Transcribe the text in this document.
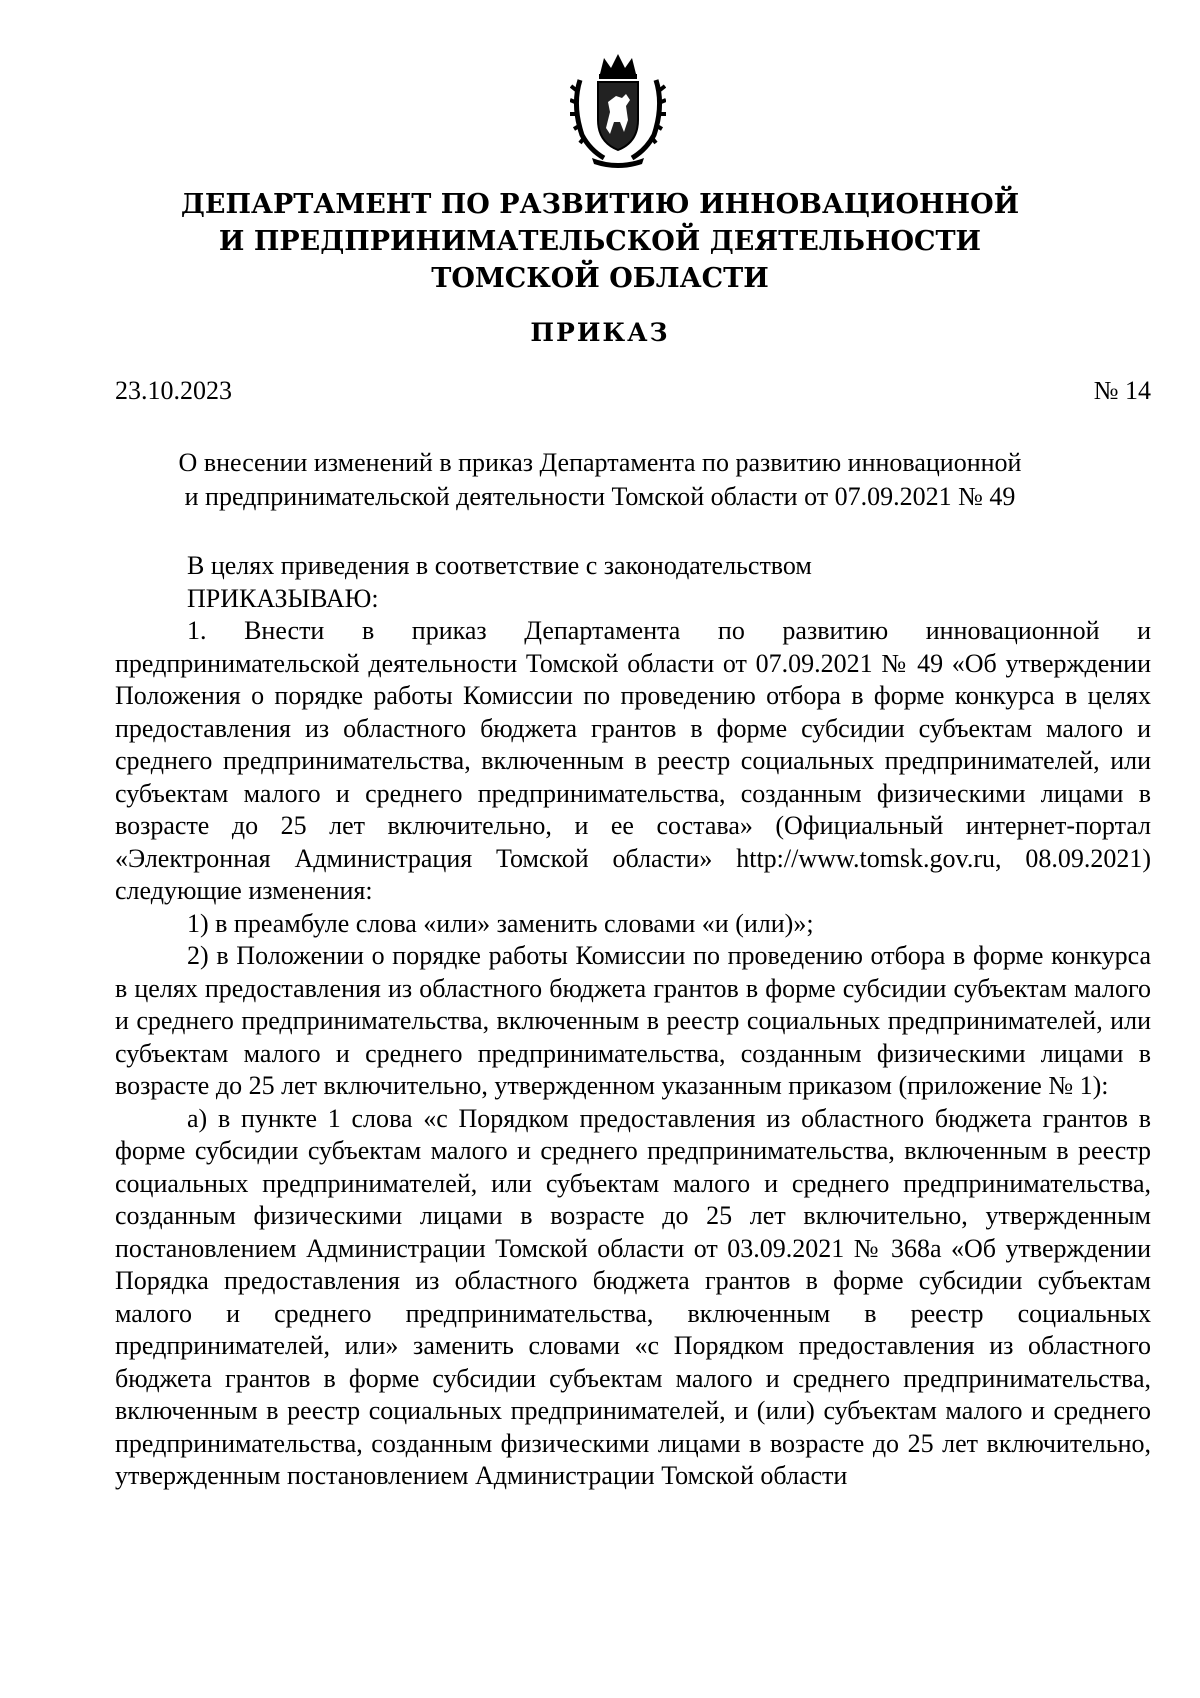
ДЕПАРТАМЕНТ ПО РАЗВИТИЮ ИННОВАЦИОННОЙ
И ПРЕДПРИНИМАТЕЛЬСКОЙ ДЕЯТЕЛЬНОСТИ
ТОМСКОЙ ОБЛАСТИ
ПРИКАЗ
23.10.2023	№ 14
О внесении изменений в приказ Департамента по развитию инновационной
и предпринимательской деятельности Томской области от 07.09.2021 № 49

В целях приведения в соответствие с законодательством

ПРИКАЗЫВАЮ:

1. Внести в приказ Департамента по развитию инновационной и предпринимательской деятельности Томской области от 07.09.2021 № 49 «Об утверждении Положения о порядке работы Комиссии по проведению отбора в форме конкурса в целях предоставления из областного бюджета грантов в форме субсидии субъектам малого и среднего предпринимательства, включенным в реестр социальных предпринимателей, или субъектам малого и среднего предпринимательства, созданным физическими лицами в возрасте до 25 лет включительно, и ее состава» (Официальный интернет-портал «Электронная Администрация Томской области» http://www.tomsk.gov.ru, 08.09.2021) следующие изменения:

1) в преамбуле слова «или» заменить словами «и (или)»;

2) в Положении о порядке работы Комиссии по проведению отбора в форме конкурса в целях предоставления из областного бюджета грантов в форме субсидии субъектам малого и среднего предпринимательства, включенным в реестр социальных предпринимателей, или субъектам малого и среднего предпринимательства, созданным физическими лицами в возрасте до 25 лет включительно, утвержденном указанным приказом (приложение № 1):

а) в пункте 1 слова «с Порядком предоставления из областного бюджета грантов в форме субсидии субъектам малого и среднего предпринимательства, включенным в реестр социальных предпринимателей, или субъектам малого и среднего предпринимательства, созданным физическими лицами в возрасте до 25 лет включительно, утвержденным постановлением Администрации Томской области от 03.09.2021 № 368а «Об утверждении Порядка предоставления из областного бюджета грантов в форме субсидии субъектам малого и среднего предпринимательства, включенным в реестр социальных предпринимателей, или» заменить словами «с Порядком предоставления из областного бюджета грантов в форме субсидии субъектам малого и среднего предпринимательства, включенным в реестр социальных предпринимателей, и (или) субъектам малого и среднего предпринимательства, созданным физическими лицами в возрасте до 25 лет включительно, утвержденным постановлением Администрации Томской области
